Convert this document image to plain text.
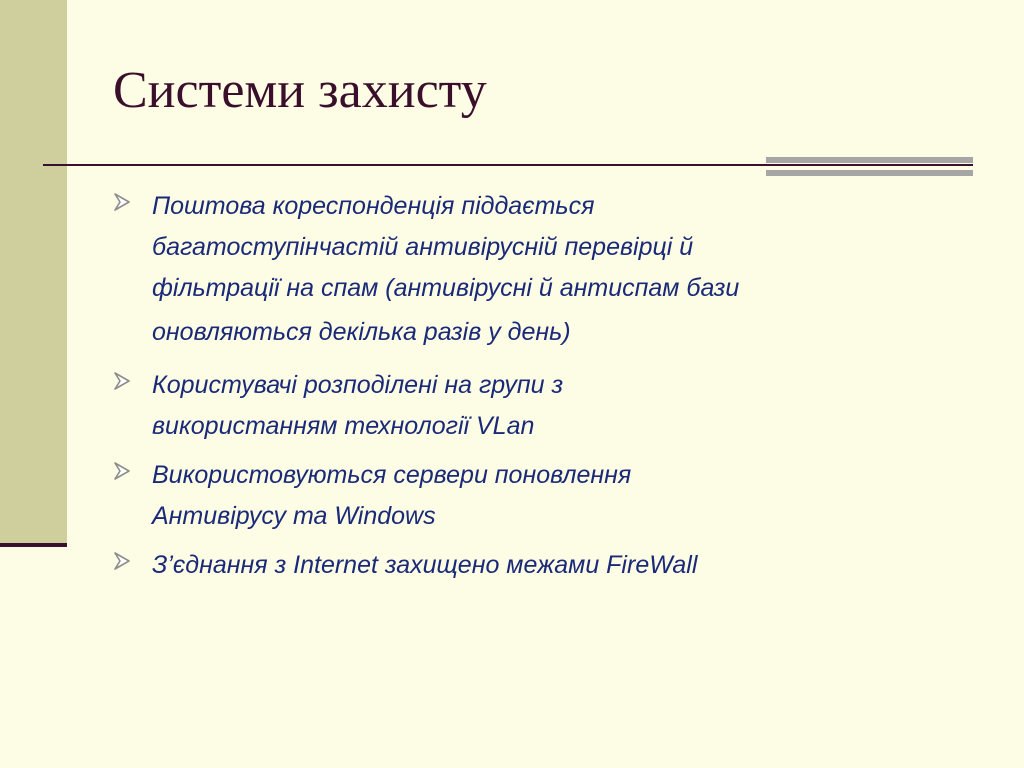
Системи захисту
Поштова кореспонденція піддається
багатоступінчастій антивірусній перевірці й
фільтрації на спам (антивірусні й антиспам бази
оновляються декілька разів у день)
Користувачі розподілені на групи з
використанням технології VLan
Використовуються сервери поновлення
Антивірусу та Windows
З’єднання з Internet захищено межами FireWall
